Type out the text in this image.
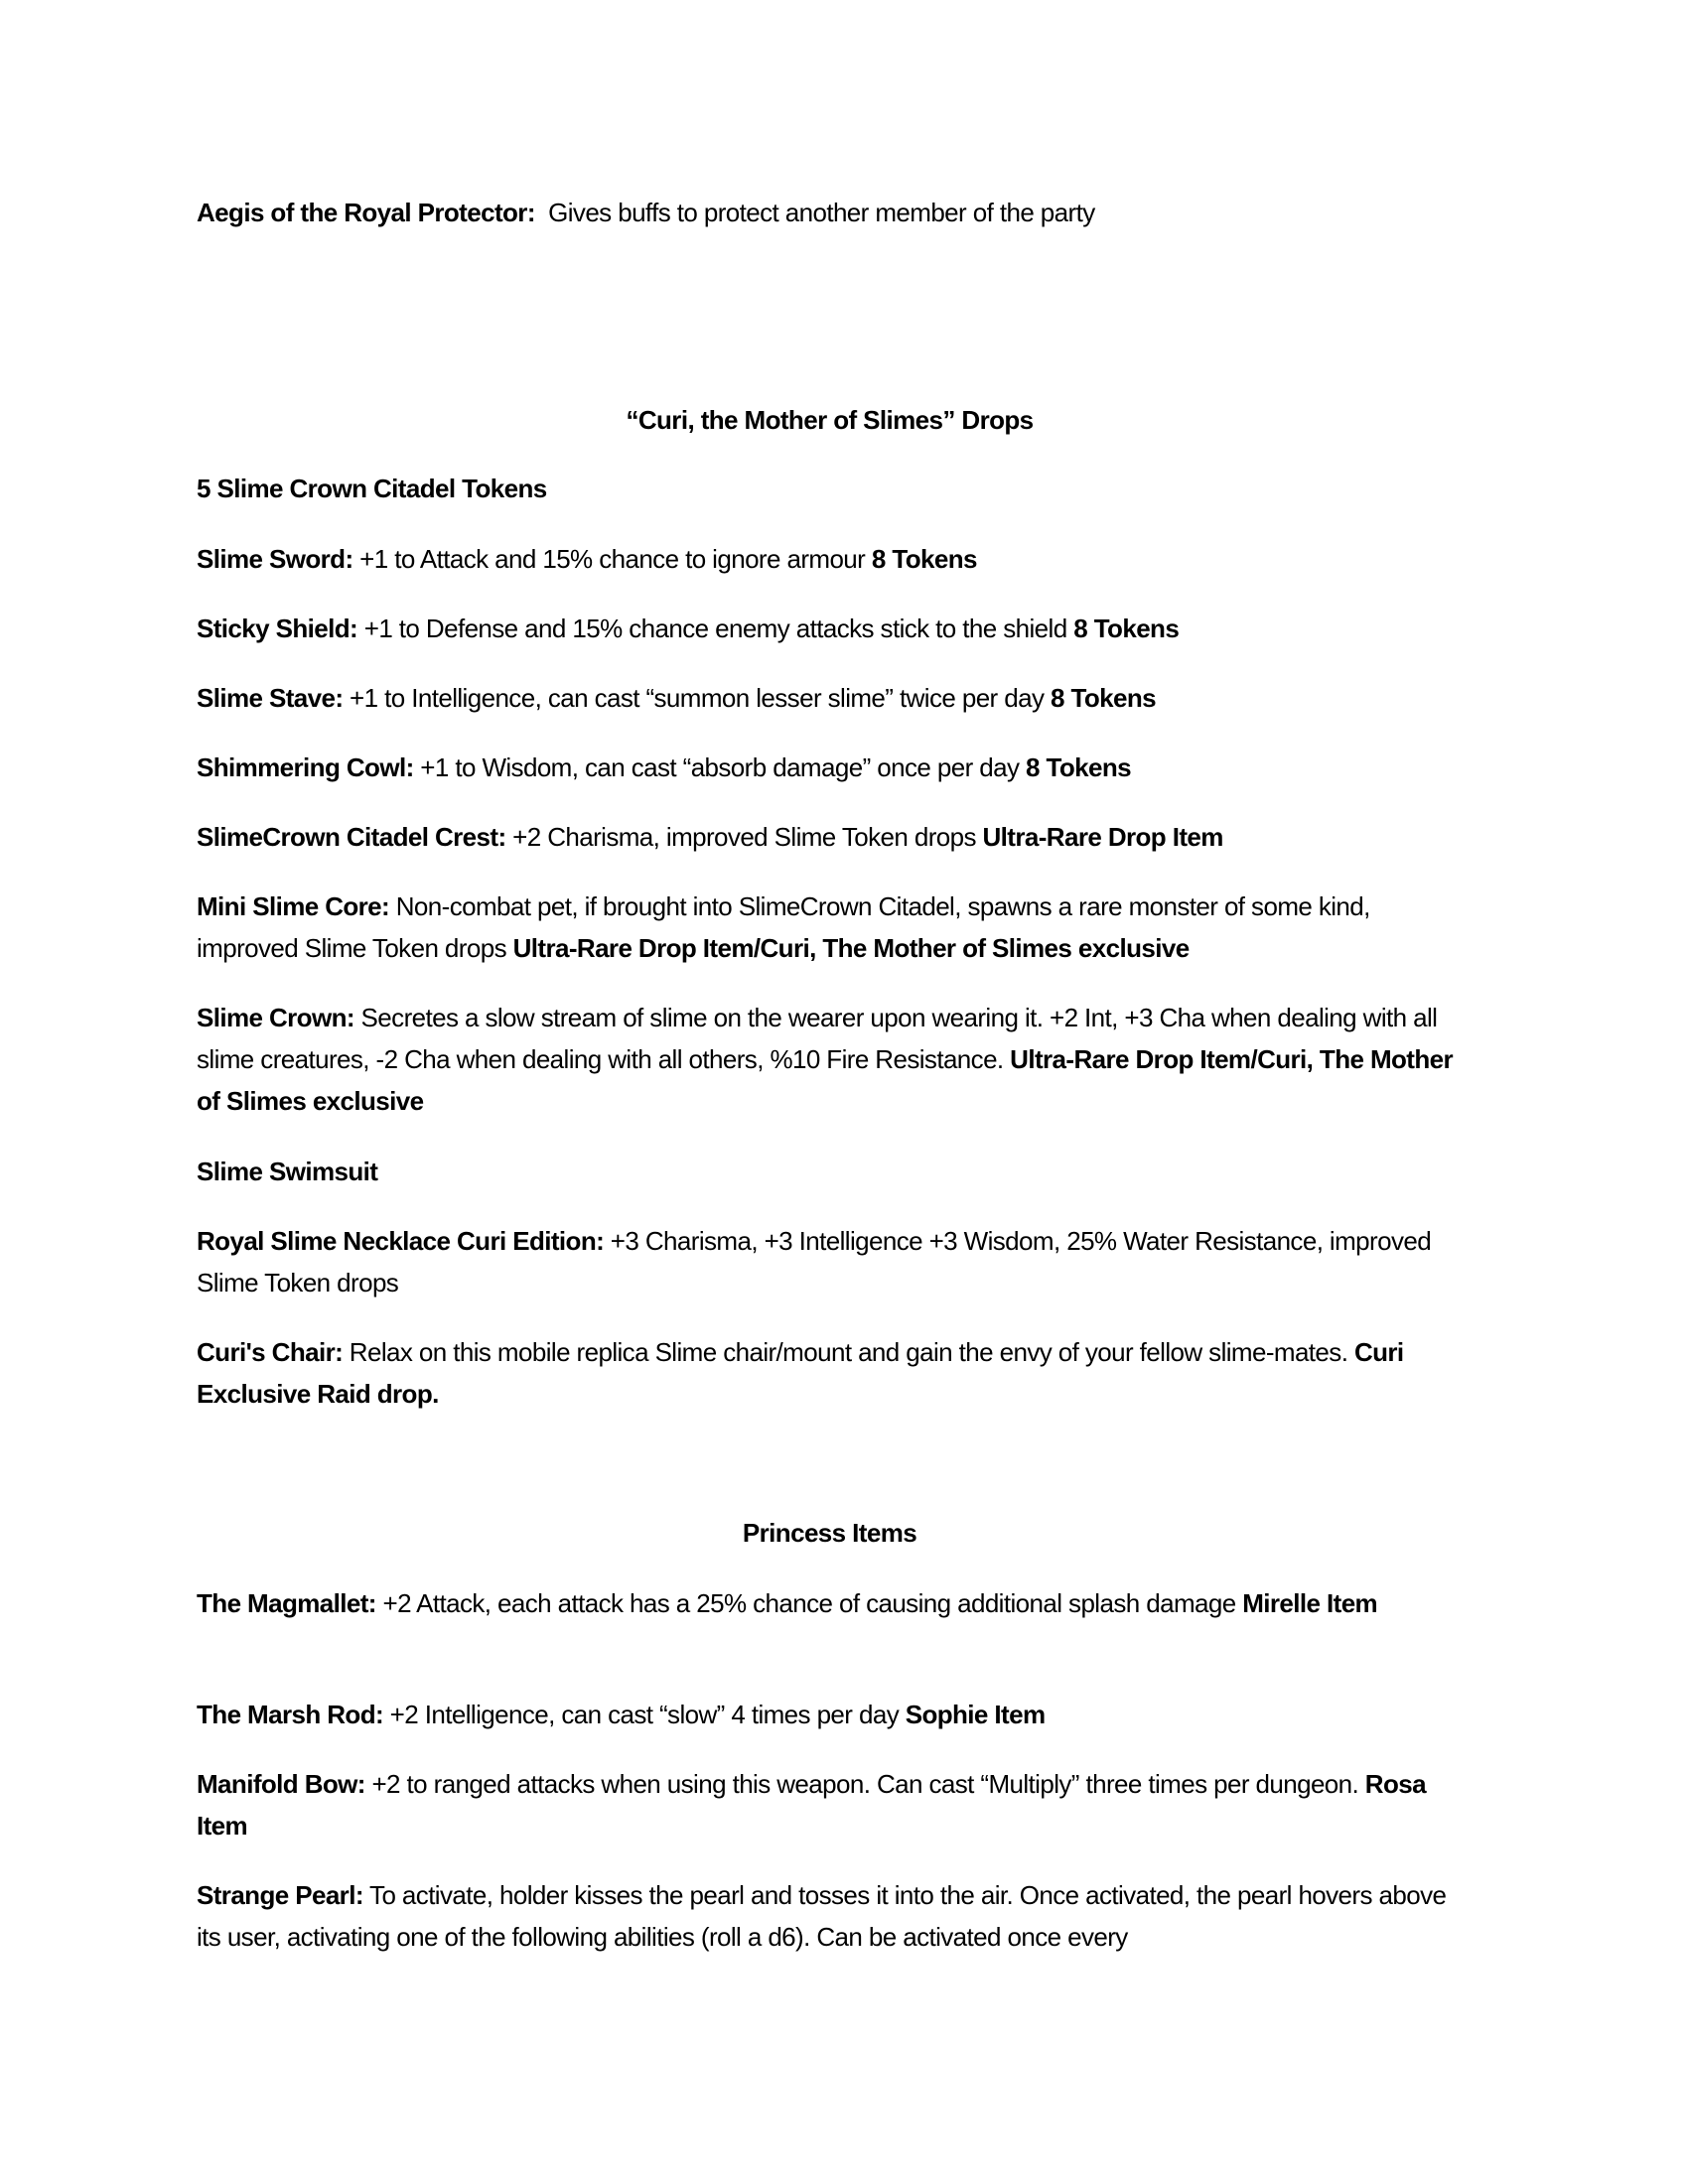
Aegis of the Royal Protector:  Gives buffs to protect another member of the party

“Curi, the Mother of Slimes” Drops

5 Slime Crown Citadel Tokens

Slime Sword: +1 to Attack and 15% chance to ignore armour 8 Tokens

Sticky Shield: +1 to Defense and 15% chance enemy attacks stick to the shield 8 Tokens

Slime Stave: +1 to Intelligence, can cast “summon lesser slime” twice per day 8 Tokens

Shimmering Cowl: +1 to Wisdom, can cast “absorb damage” once per day 8 Tokens

SlimeCrown Citadel Crest: +2 Charisma, improved Slime Token drops Ultra-Rare Drop Item

Mini Slime Core: Non-combat pet, if brought into SlimeCrown Citadel, spawns a rare monster of some kind, improved Slime Token drops Ultra-Rare Drop Item/Curi, The Mother of Slimes exclusive

Slime Crown: Secretes a slow stream of slime on the wearer upon wearing it. +2 Int, +3 Cha when dealing with all slime creatures, -2 Cha when dealing with all others, %10 Fire Resistance. Ultra-Rare Drop Item/Curi, The Mother of Slimes exclusive

Slime Swimsuit

Royal Slime Necklace Curi Edition: +3 Charisma, +3 Intelligence +3 Wisdom, 25% Water Resistance, improved Slime Token drops

Curi's Chair: Relax on this mobile replica Slime chair/mount and gain the envy of your fellow slime-mates. Curi Exclusive Raid drop.

Princess Items

The Magmallet: +2 Attack, each attack has a 25% chance of causing additional splash damage Mirelle Item

The Marsh Rod: +2 Intelligence, can cast “slow” 4 times per day Sophie Item

Manifold Bow: +2 to ranged attacks when using this weapon. Can cast “Multiply” three times per dungeon. Rosa Item

Strange Pearl: To activate, holder kisses the pearl and tosses it into the air. Once activated, the pearl hovers above its user, activating one of the following abilities (roll a d6). Can be activated once every
